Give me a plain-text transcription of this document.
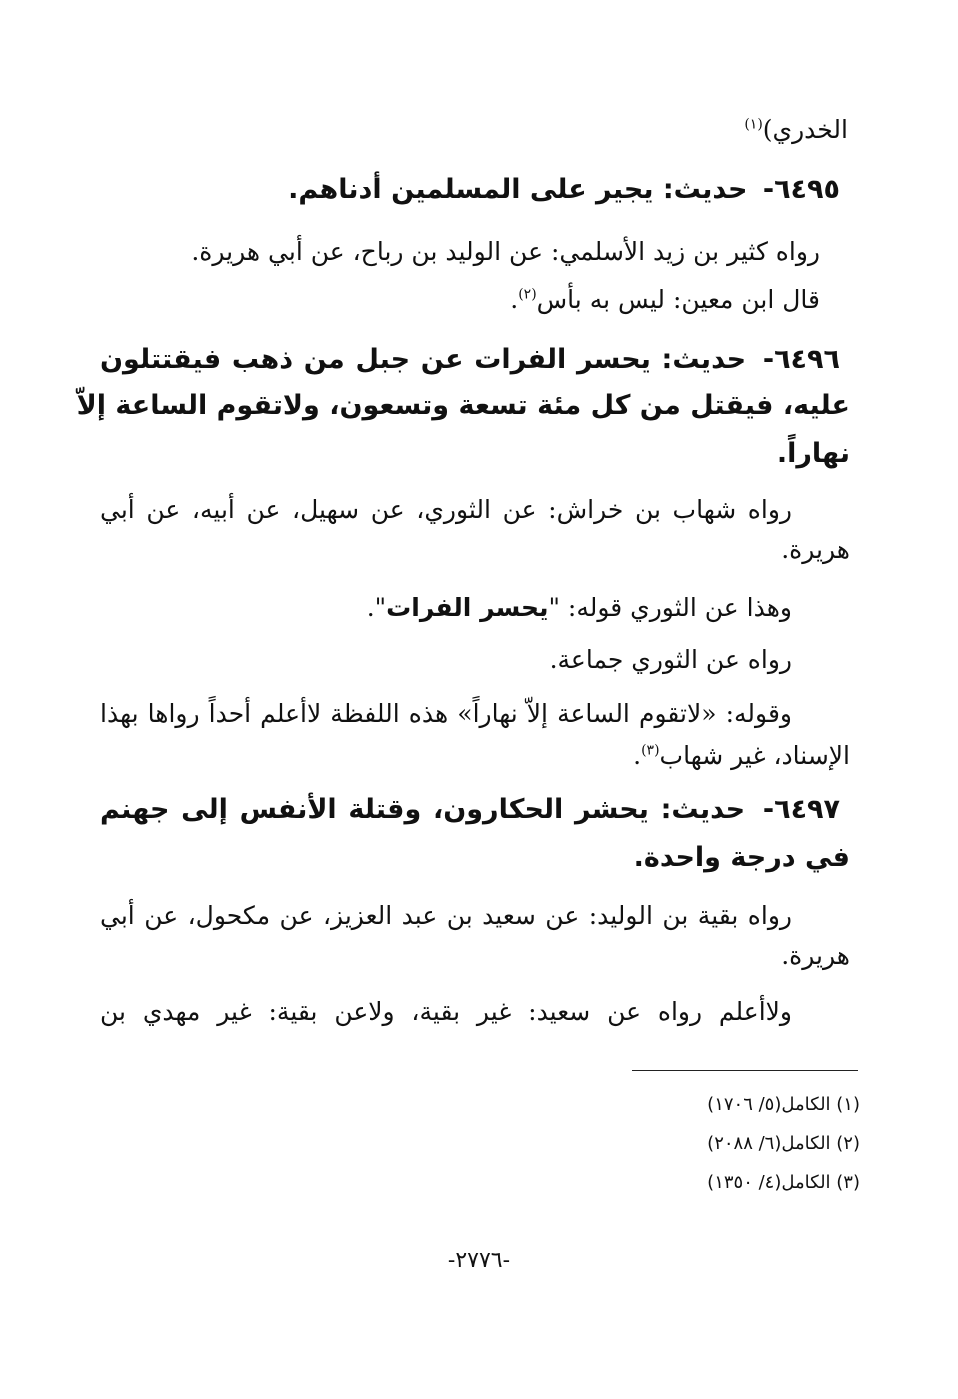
الخدري)$^{(١)}$
٦٤٩٥- حديث: يجير على المسلمين أدناهم.
رواه كثير بن زيد الأسلمي: عن الوليد بن رباح، عن أبي هريرة.
قال ابن معين: ليس به بأس$^{(٢)}$.
٦٤٩٦- حديث: يحسر الفرات عن جبل من ذهب فيقتتلون
عليه، فيقتل من كل مئة تسعة وتسعون، ولاتقوم الساعة إلاّ
نهاراً.
رواه شهاب بن خراش: عن الثوري، عن سهيل، عن أبيه، عن أبي
هريرة.
وهذا عن الثوري قوله: "يحسر الفرات".
رواه عن الثوري جماعة.
وقوله: «لاتقوم الساعة إلاّ نهاراً» هذه اللفظة لاأعلم أحداً رواها بهذا
الإسناد، غير شهاب$^{(٣)}$.
٦٤٩٧- حديث: يحشر الحكارون، وقتلة الأنفس إلى جهنم
في درجة واحدة.
رواه بقية بن الوليد: عن سعيد بن عبد العزيز، عن مكحول، عن أبي
هريرة.
ولاأعلم رواه عن سعيد: غير بقية، ولاعن بقية: غير مهدي بن
(١) الكامل(٥/ ١٧٠٦)
(٢) الكامل(٦/ ٢٠٨٨)
(٣) الكامل(٤/ ١٣٥٠)
-٢٧٧٦-
